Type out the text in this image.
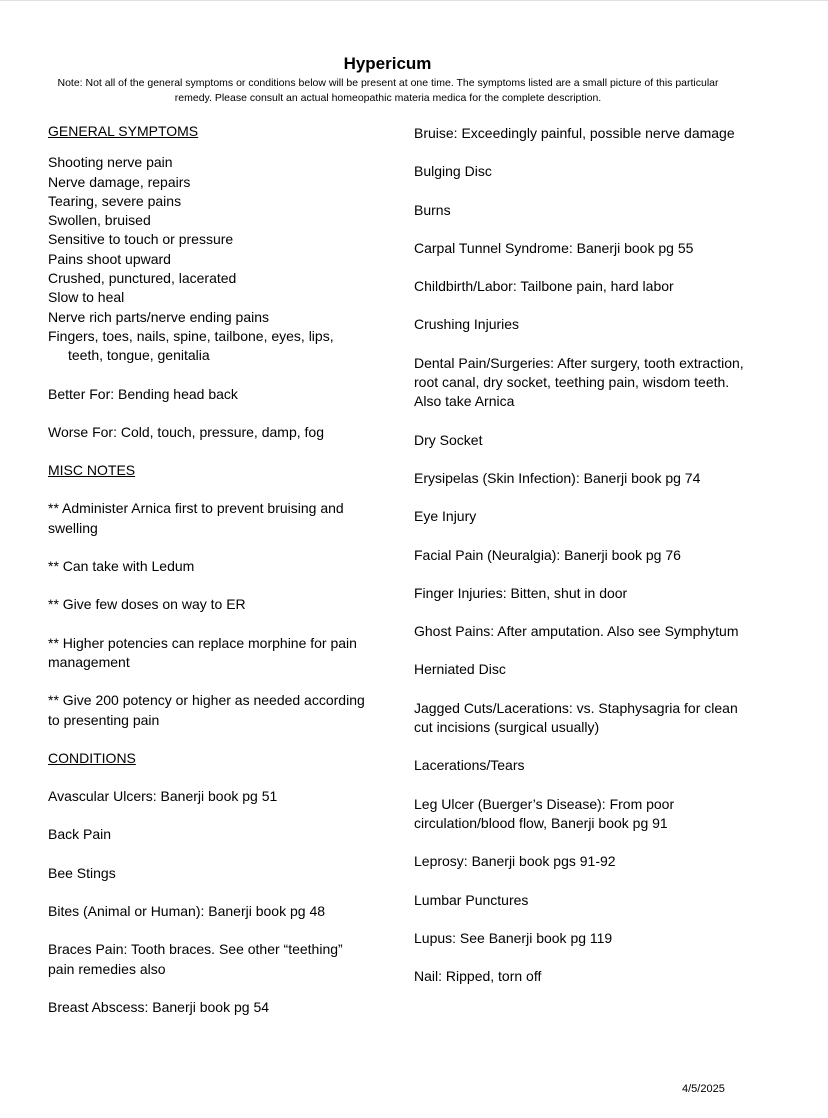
Hypericum
Note: Not all of the general symptoms or conditions below will be present at one time. The symptoms listed are a small picture of this particular remedy. Please consult an actual homeopathic materia medica for the complete description.

GENERAL SYMPTOMS

Shooting nerve pain

Nerve damage, repairs

Tearing, severe pains

Swollen, bruised

Sensitive to touch or pressure

Pains shoot upward

Crushed, punctured, lacerated

Slow to heal

Nerve rich parts/nerve ending pains

Fingers, toes, nails, spine, tailbone, eyes, lips, teeth, tongue, genitalia

Better For: Bending head back

Worse For: Cold, touch, pressure, damp, fog

MISC NOTES

** Administer Arnica first to prevent bruising and swelling

** Can take with Ledum

** Give few doses on way to ER

** Higher potencies can replace morphine for pain management

** Give 200 potency or higher as needed according to presenting pain

CONDITIONS

Avascular Ulcers: Banerji book pg 51

Back Pain

Bee Stings

Bites (Animal or Human): Banerji book pg 48

Braces Pain: Tooth braces. See other “teething” pain remedies also

Breast Abscess: Banerji book pg 54

Bruise: Exceedingly painful, possible nerve damage

Bulging Disc

Burns

Carpal Tunnel Syndrome: Banerji book pg 55

Childbirth/Labor: Tailbone pain, hard labor

Crushing Injuries

Dental Pain/Surgeries: After surgery, tooth extraction, root canal, dry socket, teething pain, wisdom teeth. Also take Arnica

Dry Socket

Erysipelas (Skin Infection): Banerji book pg 74

Eye Injury

Facial Pain (Neuralgia): Banerji book pg 76

Finger Injuries: Bitten, shut in door

Ghost Pains: After amputation. Also see Symphytum

Herniated Disc

Jagged Cuts/Lacerations: vs. Staphysagria for clean cut incisions (surgical usually)

Lacerations/Tears

Leg Ulcer (Buerger’s Disease): From poor circulation/blood flow, Banerji book pg 91

Leprosy: Banerji book pgs 91-92

Lumbar Punctures

Lupus: See Banerji book pg 119

Nail: Ripped, torn off

4/5/2025
